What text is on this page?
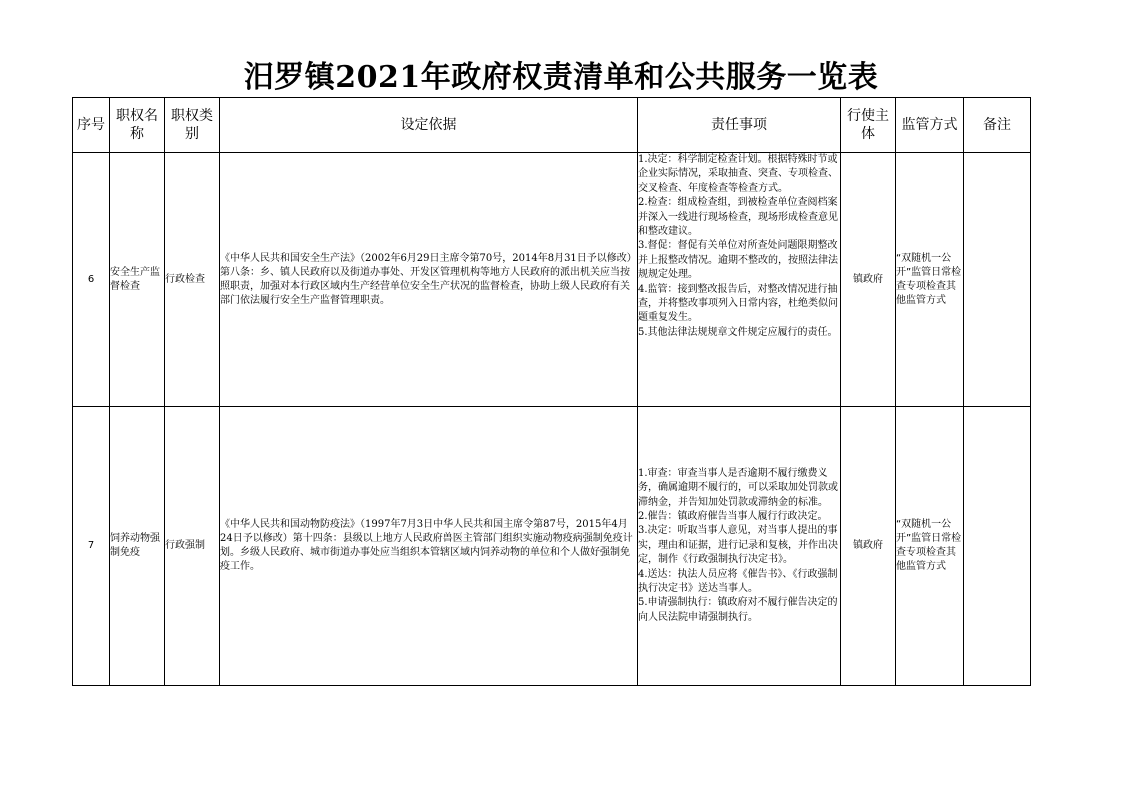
汨罗镇2021年政府权责清单和公共服务一览表
序号	职权名称	职权类别	设定依据	责任事项	行使主体	监管方式	备注
6	安全生产监督检查	行政检查	《中华人民共和国安全生产法》（2002年6月29日主席令第70号，2014年8月31日予以修改）第八条：乡、镇人民政府以及街道办事处、开发区管理机构等地方人民政府的派出机关应当按照职责，加强对本行政区域内生产经营单位安全生产状况的监督检查，协助上级人民政府有关部门依法履行安全生产监督管理职责。	1.决定：科学制定检查计划。根据特殊时节或企业实际情况，采取抽查、突查、专项检查、交叉检查、年度检查等检查方式。
2.检查：组成检查组，到被检查单位查阅档案并深入一线进行现场检查，现场形成检查意见和整改建议。
3.督促：督促有关单位对所查处问题限期整改并上报整改情况。逾期不整改的，按照法律法规规定处理。
4.监管：接到整改报告后，对整改情况进行抽查，并将整改事项列入日常内容，杜绝类似问题重复发生。
5.其他法律法规规章文件规定应履行的责任。	镇政府	“双随机一公开”监管日常检查专项检查其他监管方式	
7	饲养动物强制免疫	行政强制	《中华人民共和国动物防疫法》（1997年7月3日中华人民共和国主席令第87号，2015年4月24日予以修改）第十四条：县级以上地方人民政府兽医主管部门组织实施动物疫病强制免疫计划。乡级人民政府、城市街道办事处应当组织本管辖区域内饲养动物的单位和个人做好强制免疫工作。	1.审查：审查当事人是否逾期不履行缴费义务，确属逾期不履行的，可以采取加处罚款或滞纳金，并告知加处罚款或滞纳金的标准。
2.催告：镇政府催告当事人履行行政决定。
3.决定：听取当事人意见，对当事人提出的事实，理由和证据，进行记录和复核，并作出决定，制作《行政强制执行决定书》。
4.送达：执法人员应将《催告书》、《行政强制执行决定书》送达当事人。
5.申请强制执行：镇政府对不履行催告决定的向人民法院申请强制执行。	镇政府	“双随机一公开”监管日常检查专项检查其他监管方式	
